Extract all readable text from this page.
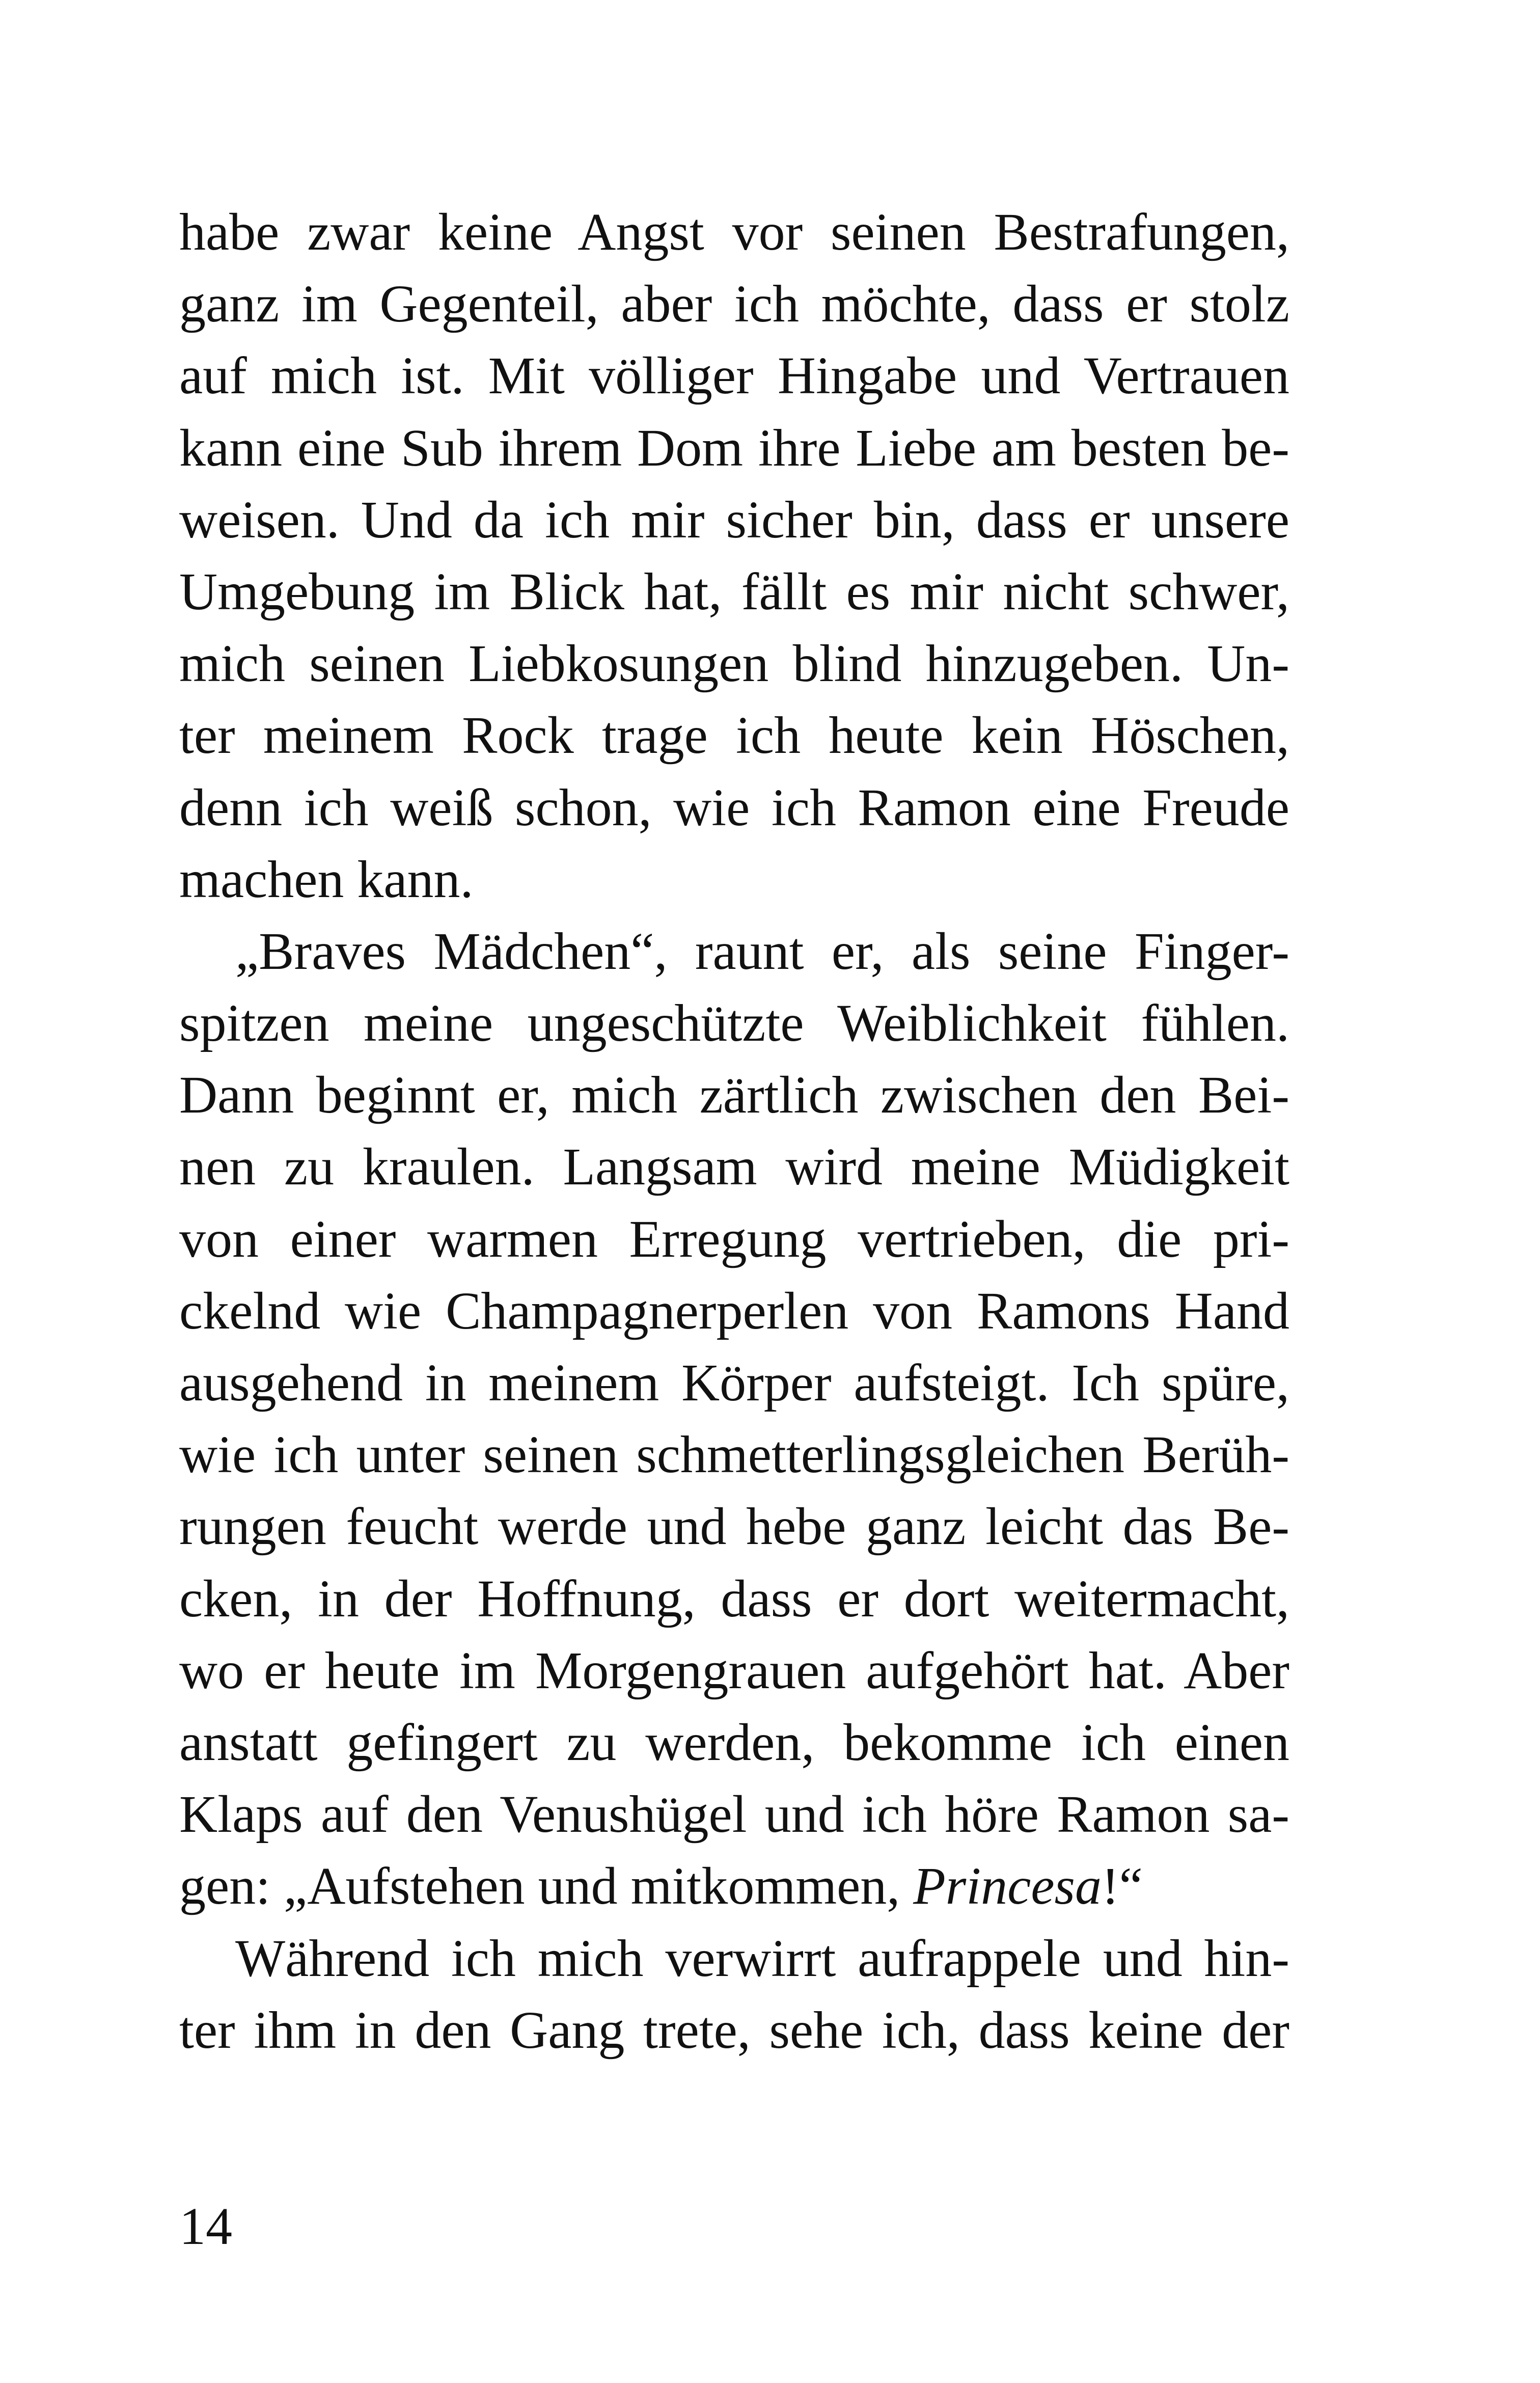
habe zwar keine Angst vor seinen Bestrafungen,
ganz im Gegenteil, aber ich möchte, dass er stolz
auf mich ist. Mit völliger Hingabe und Vertrauen
kann eine Sub ihrem Dom ihre Liebe am besten be-
weisen. Und da ich mir sicher bin, dass er unsere
Umgebung im Blick hat, fällt es mir nicht schwer,
mich seinen Liebkosungen blind hinzugeben. Un-
ter meinem Rock trage ich heute kein Höschen,
denn ich weiß schon, wie ich Ramon eine Freude
machen kann.
„Braves Mädchen“, raunt er, als seine Finger-
spitzen meine ungeschützte Weiblichkeit fühlen.
Dann beginnt er, mich zärtlich zwischen den Bei-
nen zu kraulen. Langsam wird meine Müdigkeit
von einer warmen Erregung vertrieben, die pri-
ckelnd wie Champagnerperlen von Ramons Hand
ausgehend in meinem Körper aufsteigt. Ich spüre,
wie ich unter seinen schmetterlingsgleichen Berüh-
rungen feucht werde und hebe ganz leicht das Be-
cken, in der Hoffnung, dass er dort weitermacht,
wo er heute im Morgengrauen aufgehört hat. Aber
anstatt gefingert zu werden, bekomme ich einen
Klaps auf den Venushügel und ich höre Ramon sa-
gen: „Aufstehen und mitkommen, Princesa!“
Während ich mich verwirrt aufrappele und hin-
ter ihm in den Gang trete, sehe ich, dass keine der
14
